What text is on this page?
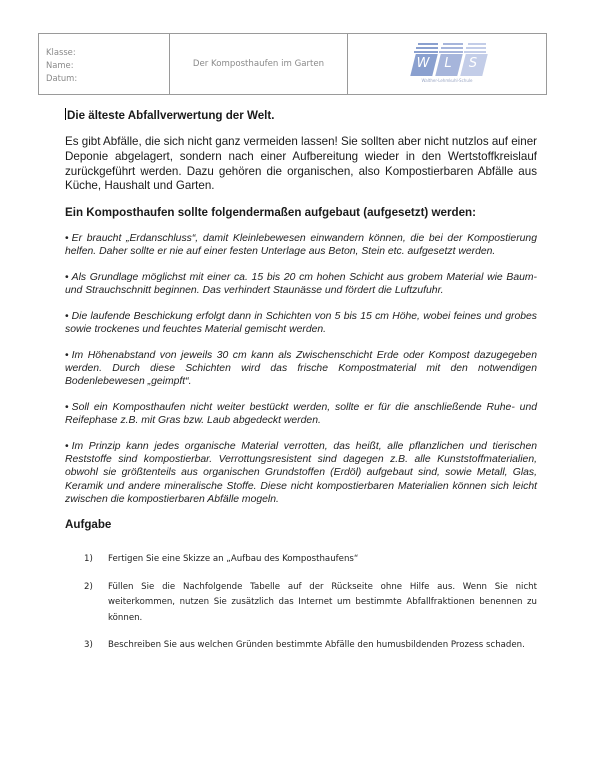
Klasse:
Name:
Datum:
Der Komposthaufen im Garten	W	L	S
Walther-Lehmkuhl-Schule
Die älteste Abfallverwertung der Welt.

Es gibt Abfälle, die sich nicht ganz vermeiden lassen! Sie sollten aber nicht nutzlos auf einer Deponie abgelagert, sondern nach einer Aufbereitung wieder in den Wertstoffkreislauf zurückgeführt werden. Dazu gehören die organischen, also Kompostierbaren Abfälle aus Küche, Haushalt und Garten.

Ein Komposthaufen sollte folgendermaßen aufgebaut (aufgesetzt) werden:

• Er braucht „Erdanschluss“, damit Kleinlebewesen einwandern können, die bei der Kompostierung helfen. Daher sollte er nie auf einer festen Unterlage aus Beton, Stein etc. aufgesetzt werden.

• Als Grundlage möglichst mit einer ca. 15 bis 20 cm hohen Schicht aus grobem Material wie Baum- und Strauchschnitt beginnen. Das verhindert Staunässe und fördert die Luftzufuhr.

• Die laufende Beschickung erfolgt dann in Schichten von 5 bis 15 cm Höhe, wobei feines und grobes sowie trockenes und feuchtes Material gemischt werden.

• Im Höhenabstand von jeweils 30 cm kann als Zwischenschicht Erde oder Kompost dazugegeben werden. Durch diese Schichten wird das frische Kompostmaterial mit den notwendigen Bodenlebewesen „geimpft“.

• Soll ein Komposthaufen nicht weiter bestückt werden, sollte er für die anschließende Ruhe- und Reifephase z.B. mit Gras bzw. Laub abgedeckt werden.

• Im Prinzip kann jedes organische Material verrotten, das heißt, alle pflanzlichen und tierischen Reststoffe sind kompostierbar. Verrottungsresistent sind dagegen z.B. alle Kunststoffmaterialien, obwohl sie größtenteils aus organischen Grundstoffen (Erdöl) aufgebaut sind, sowie Metall, Glas, Keramik und andere mineralische Stoffe. Diese nicht kompostierbaren Materialien können sich leicht zwischen die kompostierbaren Abfälle mogeln.

Aufgabe
1)	Fertigen Sie eine Skizze an „Aufbau des Komposthaufens“
2)	Füllen Sie die Nachfolgende Tabelle auf der Rückseite ohne Hilfe aus. Wenn Sie nicht weiterkommen, nutzen Sie zusätzlich das Internet um bestimmte Abfallfraktionen benennen zu können.
3)	Beschreiben Sie aus welchen Gründen bestimmte Abfälle den humusbildenden Prozess schaden.
